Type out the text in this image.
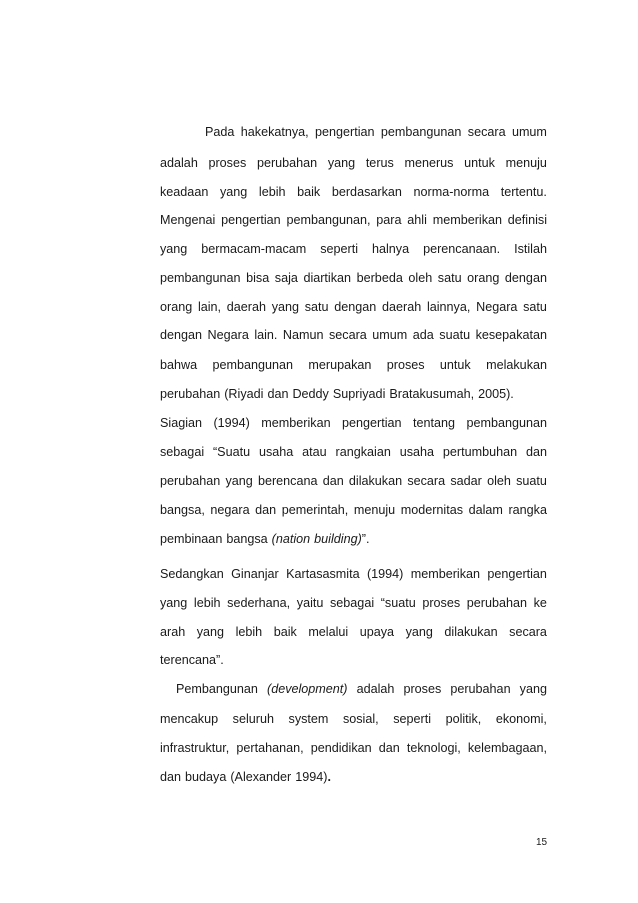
Pada hakekatnya, pengertian pembangunan secara umum
adalah proses perubahan yang terus menerus untuk menuju
keadaan yang lebih baik berdasarkan norma-norma tertentu.
Mengenai pengertian pembangunan, para ahli memberikan definisi
yang bermacam-macam seperti halnya perencanaan. Istilah
pembangunan bisa saja diartikan berbeda oleh satu orang dengan
orang lain, daerah yang satu dengan daerah lainnya, Negara satu
dengan Negara lain. Namun secara umum ada suatu kesepakatan
bahwa pembangunan merupakan proses untuk melakukan
perubahan (Riyadi dan Deddy Supriyadi Bratakusumah, 2005).
Siagian (1994) memberikan pengertian tentang pembangunan
sebagai “Suatu usaha atau rangkaian usaha pertumbuhan dan
perubahan yang berencana dan dilakukan secara sadar oleh suatu
bangsa, negara dan pemerintah, menuju modernitas dalam rangka
pembinaan bangsa (nation building)”.
Sedangkan Ginanjar Kartasasmita (1994) memberikan pengertian
yang lebih sederhana, yaitu sebagai “suatu proses perubahan ke
arah yang lebih baik melalui upaya yang dilakukan secara
terencana”.
Pembangunan (development) adalah proses perubahan yang
mencakup seluruh system sosial, seperti politik, ekonomi,
infrastruktur, pertahanan, pendidikan dan teknologi, kelembagaan,
dan budaya (Alexander 1994).
15
